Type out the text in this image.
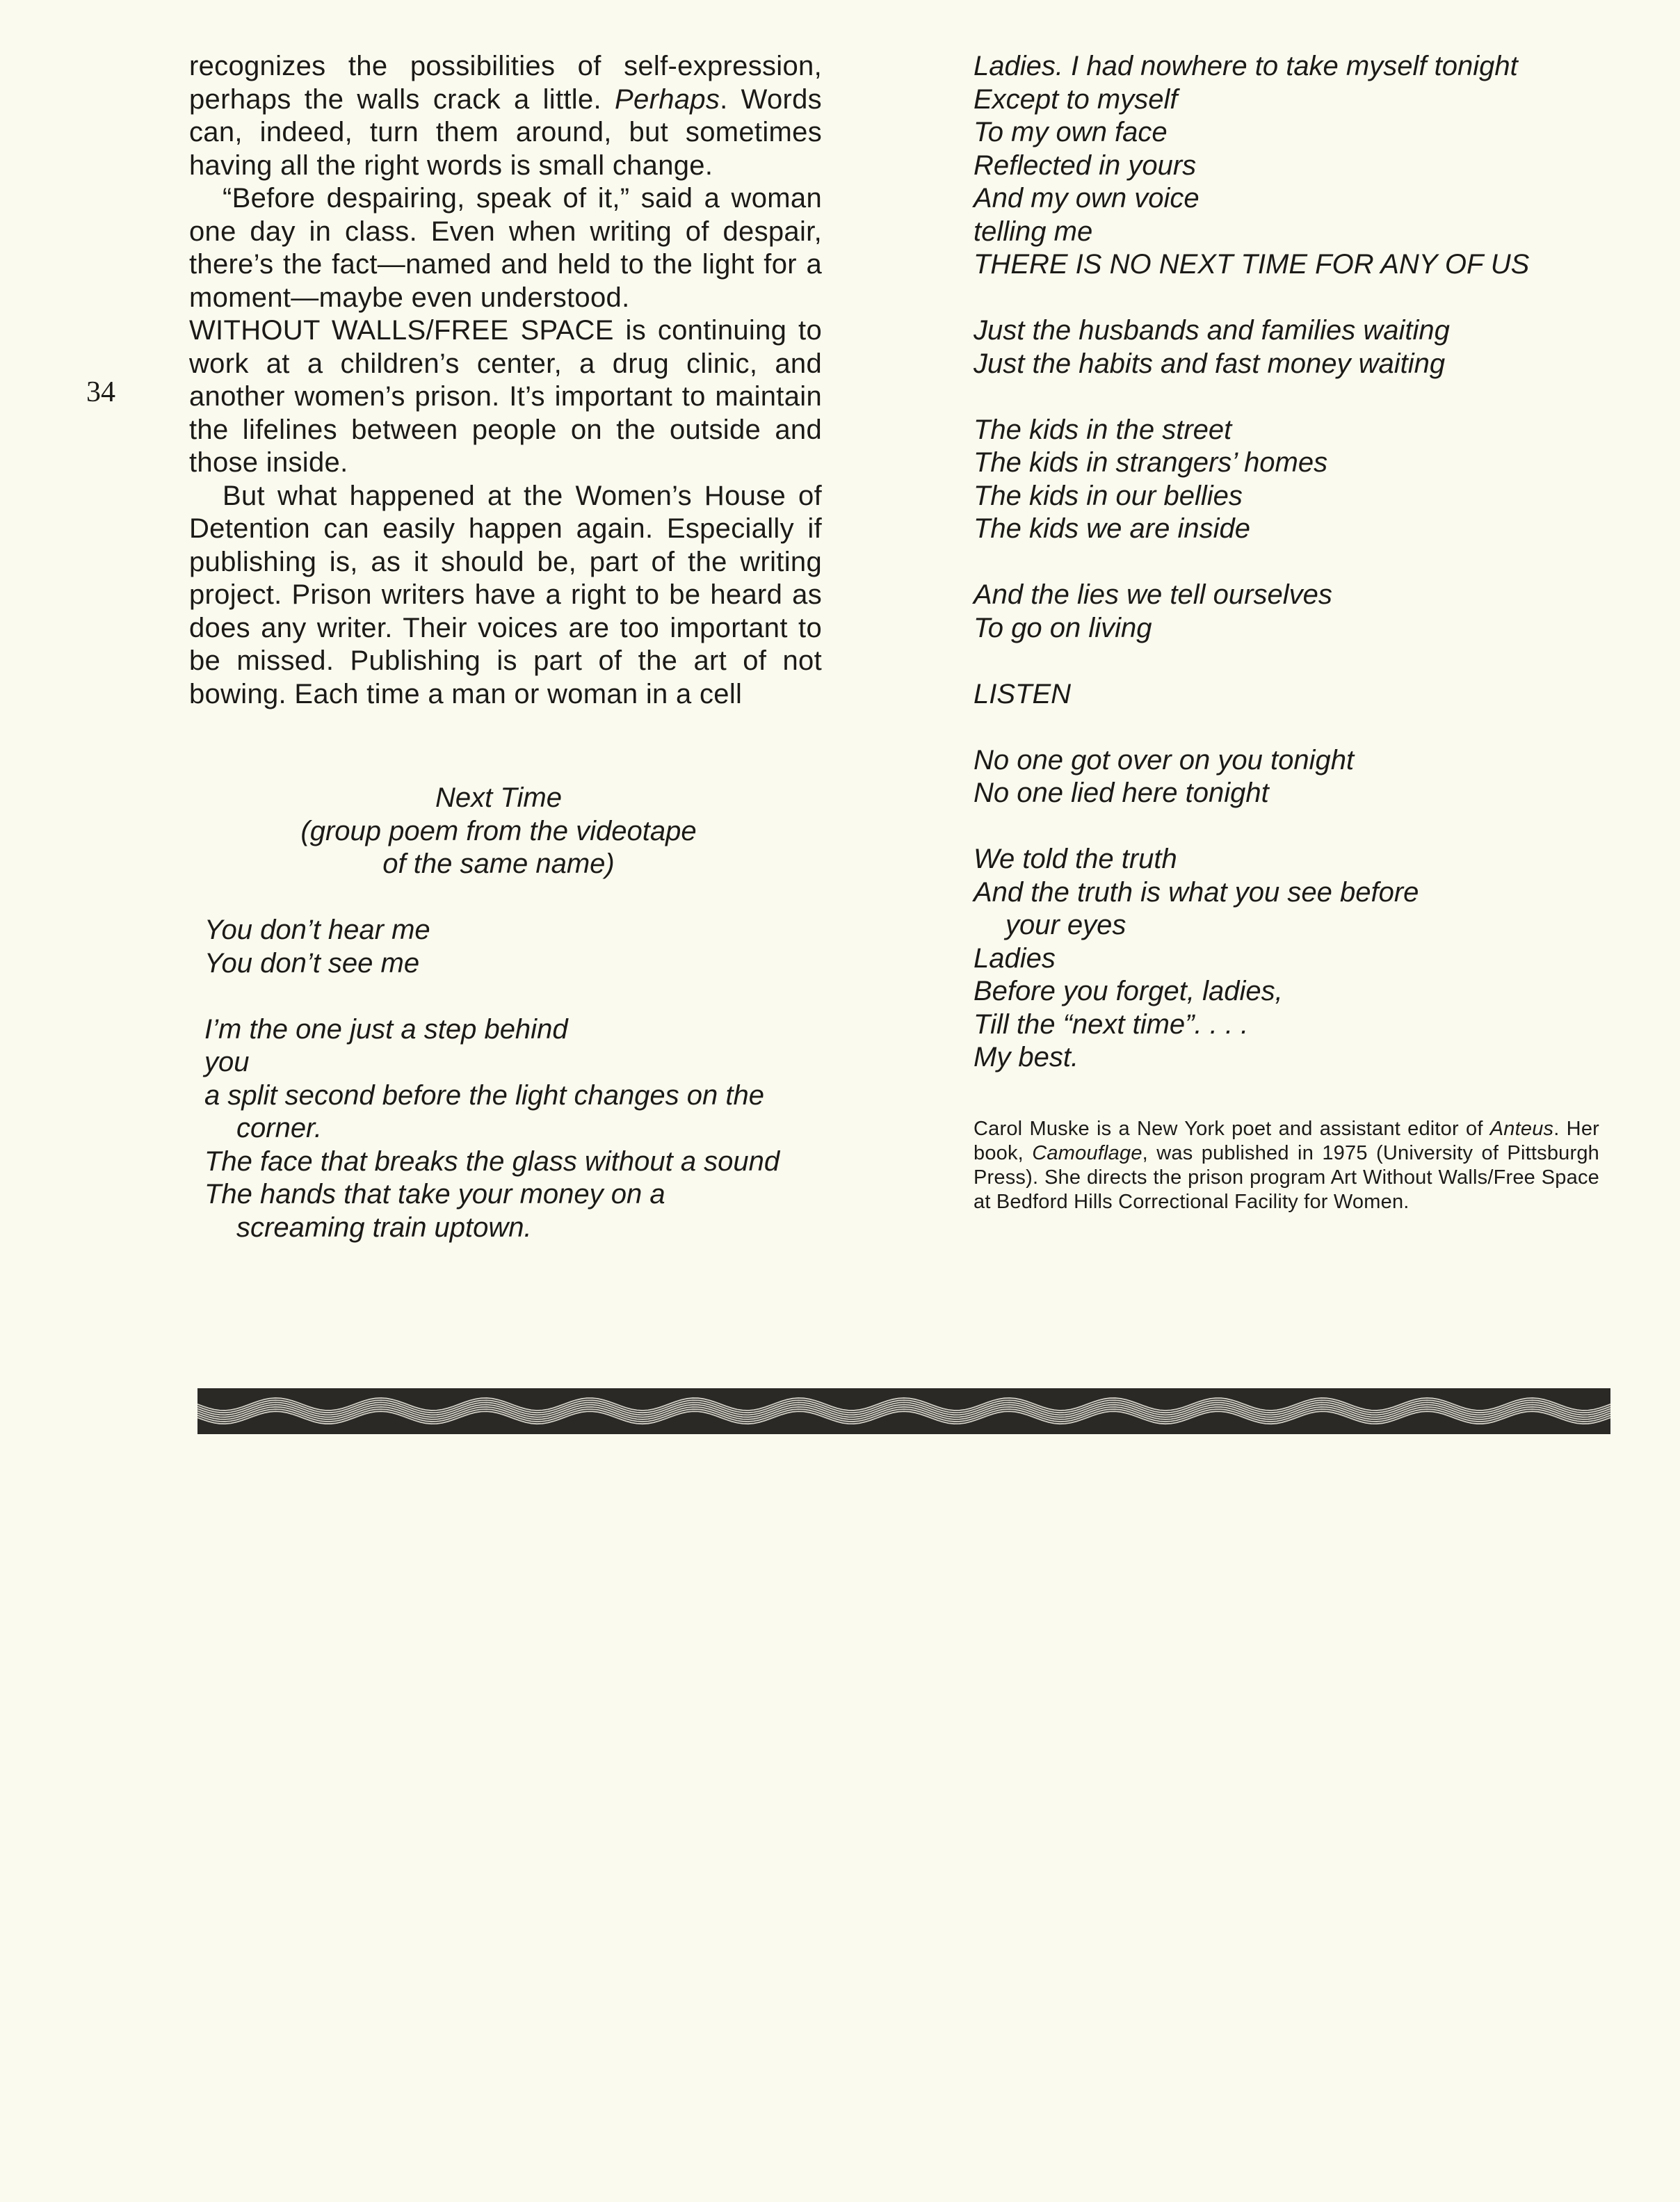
34

recognizes the possibilities of self-expression, perhaps the walls crack a little. Perhaps. Words can, indeed, turn them around, but sometimes having all the right words is small change.

“Before despairing, speak of it,” said a woman one day in class. Even when writing of despair, there’s the fact—named and held to the light for a moment—maybe even understood.

WITHOUT WALLS/FREE SPACE is continuing to work at a children’s center, a drug clinic, and another women’s prison. It’s important to maintain the lifelines between people on the outside and those inside.

But what happened at the Women’s House of Detention can easily happen again. Especially if publishing is, as it should be, part of the writing project. Prison writers have a right to be heard as does any writer. Their voices are too important to be missed. Publishing is part of the art of not bowing. Each time a man or woman in a cell

Next Time
(group poem from the videotape
of the same name)
You don’t hear me
You don’t see me
I’m the one just a step behind
you
a split second before the light changes on the
corner.
The face that breaks the glass without a sound
The hands that take your money on a
screaming train uptown.
Ladies. I had nowhere to take myself tonight
Except to myself
To my own face
Reflected in yours
And my own voice
telling me
THERE IS NO NEXT TIME FOR ANY OF US
Just the husbands and families waiting
Just the habits and fast money waiting
The kids in the street
The kids in strangers’ homes
The kids in our bellies
The kids we are inside
And the lies we tell ourselves
To go on living
LISTEN
No one got over on you tonight
No one lied here tonight
We told the truth
And the truth is what you see before
your eyes
Ladies
Before you forget, ladies,
Till the “next time”. . . .
My best.
Carol Muske is a New York poet and assistant editor of Anteus. Her book, Camouflage, was published in 1975 (University of Pittsburgh Press). She directs the prison program Art Without Walls/Free Space at Bedford Hills Correctional Facility for Women.
